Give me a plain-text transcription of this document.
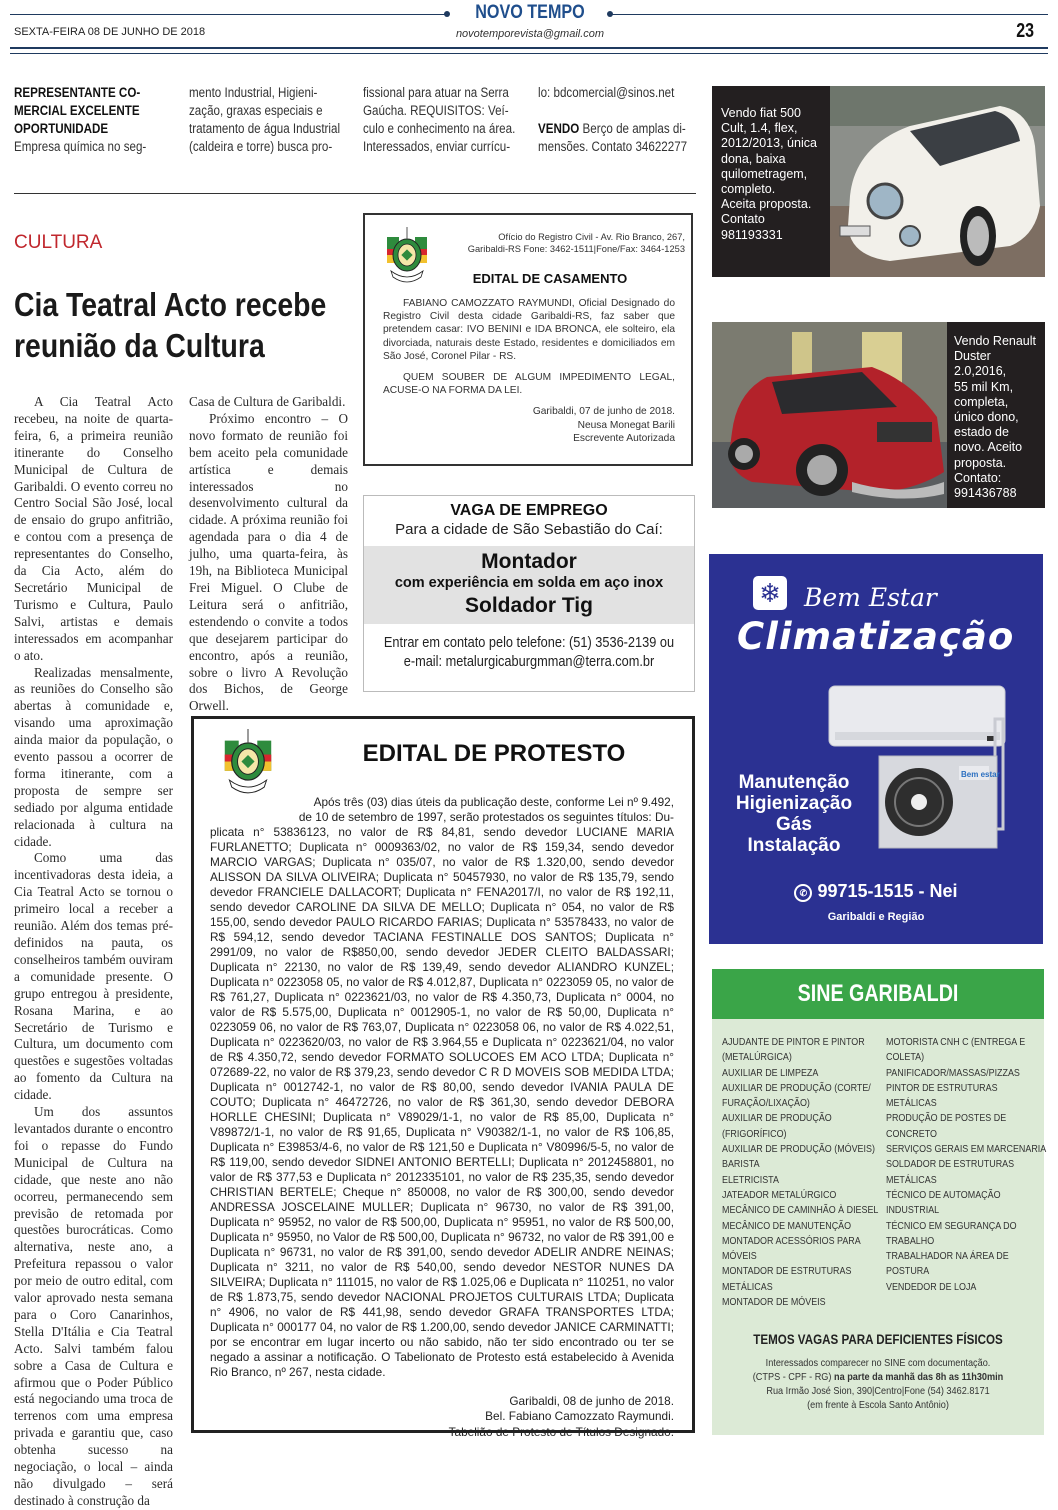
NOVO TEMPO
SEXTA-FEIRA 08 DE JUNHO DE 2018	novotemporevista@gmail.com	23

REPRESENTANTE CO-
MERCIAL EXCELENTE
OPORTUNIDADE

Empresa química no seg-

mento Industrial, Higieni-

zação, graxas especiais e

tratamento de água Industrial

(caldeira e torre) busca pro-

fissional para atuar na Serra

Gaúcha. REQUISITOS: Veí-

culo e conhecimento na área.

Interessados, enviar currícu-

lo: bdcomercial@sinos.net

VENDO Berço de amplas di-

mensões. Contato 34622277

CULTURA
Cia Teatral Acto recebe
reunião da Cultura

A Cia Teatral Acto recebeu, na noite de quarta-feira, 6, a primeira reunião itinerante do Conselho Municipal de Cultura de Garibaldi. O evento correu no Centro Social São José, local de ensaio do grupo anfitrião, e contou com a presença de representantes do Conselho, da Cia Acto, além do Secretário Municipal de Turismo e Cultura, Paulo Salvi, artistas e demais interessados em acompanhar o ato.

Realizadas mensalmente, as reuniões do Conselho são abertas à comunidade e, visando uma aproximação ainda maior da população, o evento passou a ocorrer de forma itinerante, com a proposta de sempre ser sediado por alguma entidade relacionada à cultura na cidade.

Como uma das incentivadoras desta ideia, a Cia Teatral Acto se tornou o primeiro local a receber a reunião. Além dos temas pré-definidos na pauta, os conselheiros também ouviram a comunidade presente. O grupo entregou à presidente, Rosana Marina, e ao Secretário de Turismo e Cultura, um documento com questões e sugestões voltadas ao fomento da Cultura na cidade.

Um dos assuntos levantados durante o encontro foi o repasse do Fundo Municipal de Cultura na cidade, que neste ano não ocorreu, permanecendo sem previsão de retomada por questões burocráticas. Como alternativa, neste ano, a Prefeitura repassou o valor por meio de outro edital, com valor aprovado nesta semana para o Coro Canarinhos, Stella D'Itália e Cia Teatral Acto. Salvi também falou sobre a Casa de Cultura e afirmou que o Poder Público está negociando uma troca de terrenos com uma empresa privada e garantiu que, caso obtenha sucesso na negociação, o local – ainda não divulgado – será destinado à construção da

Casa de Cultura de Garibaldi.

Próximo encontro – O novo formato de reunião foi bem aceito pela comunidade artística e demais interessados no desenvolvimento cultural da cidade. A próxima reunião foi agendada para o dia 4 de julho, uma quarta-feira, às 19h, na Biblioteca Municipal Frei Miguel. O Clube de Leitura será o anfitrião, estendendo o convite a todos que desejarem participar do encontro, após a reunião, sobre o livro A Revolução dos Bichos, de George Orwell.

Ofício do Registro Civil - Av. Rio Branco, 267,
Garibaldi-RS Fone: 3462-1511|Fone/Fax: 3464-1253
EDITAL DE CASAMENTO
FABIANO CAMOZZATO RAYMUNDI, Oficial Designado do Registro Civil desta cidade Garibaldi-RS, faz saber que pretendem casar: IVO BENINI e IDA BRONCA, ele solteiro, ela divorciada, naturais deste Estado, residentes e domiciliados em São José, Coronel Pilar - RS.
QUEM SOUBER DE ALGUM IMPEDIMENTO LEGAL, ACUSE-O NA FORMA DA LEI.
Garibaldi, 07 de junho de 2018.
Neusa Monegat Barili
Escrevente Autorizada
VAGA DE EMPREGO
Para a cidade de São Sebastião do Caí:
Montador
com experiência em solda em aço inox
Soldador Tig
Entrar em contato pelo telefone: (51) 3536-2139 ou
e-mail: metalurgicaburgmman@terra.com.br
Vendo fiat 500
Cult, 1.4, flex,
2012/2013, única
dona, baixa
quilometragem,
completo.
Aceita proposta.
Contato
981193331
Vendo Renault
Duster
2.0,2016,
55 mil Km,
completa,
único dono,
estado de
novo. Aceito
proposta.
Contato:
991436788
❄ Bem Estar
Climatização
Bem estar
Manutenção
Higienização
Gás
Instalação
✆ 99715-1515 - Nei
Garibaldi e Região
EDITAL DE PROTESTO
Após três (03) dias úteis da publicação deste, conforme Lei nº 9.492,
de 10 de setembro de 1997, serão protestados os seguintes títulos: Du-
plicata n° 53836123, no valor de R$ 84,81, sendo devedor LUCIANE MARIA FURLANETTO; Duplicata n° 0009363/02, no valor de R$ 159,34, sendo devedor MARCIO VARGAS; Duplicata n° 035/07, no valor de R$ 1.320,00, sendo devedor ALISSON DA SILVA OLIVEIRA; Duplicata n° 50457930, no valor de R$ 135,79, sendo devedor FRANCIELE DALLACORT; Duplicata n° FENA2017/I, no valor de R$ 192,11, sendo devedor CAROLINE DA SILVA DE MELLO; Duplicata n° 054, no valor de R$ 155,00, sendo devedor PAULO RICARDO FARIAS; Duplicata n° 53578433, no valor de R$ 594,12, sendo devedor TACIANA FESTINALLE DOS SANTOS; Duplicata n° 2991/09, no valor de R$850,00, sendo devedor JEDER CLEITO BALDASSARI; Duplicata n° 22130, no valor de R$ 139,49, sendo devedor ALIANDRO KUNZEL; Duplicata n° 0223058 05, no valor de R$ 4.012,87, Duplicata n° 0223059 05, no valor de R$ 761,27, Duplicata n° 0223621/03, no valor de R$ 4.350,73, Duplicata n° 0004, no valor de R$ 5.575,00, Duplicata n° 0012905-1, no valor de R$ 50,00, Duplicata n° 0223059 06, no valor de R$ 763,07, Duplicata n° 0223058 06, no valor de R$ 4.022,51, Duplicata n° 0223620/03, no valor de R$ 3.964,55 e Duplicata n° 0223621/04, no valor de R$ 4.350,72, sendo devedor FORMATO SOLUCOES EM ACO LTDA; Duplicata n° 072689-22, no valor de R$ 379,23, sendo devedor C R D MOVEIS SOB MEDIDA LTDA; Duplicata n° 0012742-1, no valor de R$ 80,00, sendo devedor IVANIA PAULA DE COUTO; Duplicata n° 46472726, no valor de R$ 361,30, sendo devedor DEBORA HORLLE CHESINI; Duplicata n° V89029/1-1, no valor de R$ 85,00, Duplicata n° V89872/1-1, no valor de R$ 91,65, Duplicata n° V90382/1-1, no valor de R$ 106,85, Duplicata n° E39853/4-6, no valor de R$ 121,50 e Duplicata n° V80996/5-5, no valor de R$ 119,00, sendo devedor SIDNEI ANTONIO BERTELLI; Duplicata n° 2012458801, no valor de R$ 377,53 e Duplicata n° 2012335101, no valor de R$ 235,35, sendo devedor CHRISTIAN BERTELE; Cheque n° 850008, no valor de R$ 300,00, sendo devedor ANDRESSA JOSCELAINE MULLER; Duplicata n° 96730, no valor de R$ 391,00, Duplicata n° 95952, no valor de R$ 500,00, Duplicata n° 95951, no valor de R$ 500,00, Duplicata n° 95950, no Valor de R$ 500,00, Duplicata n° 96732, no valor de R$ 391,00 e Duplicata n° 96731, no valor de R$ 391,00, sendo devedor ADELIR ANDRE NEINAS; Duplicata n° 3211, no valor de R$ 540,00, sendo devedor NESTOR NUNES DA SILVEIRA; Duplicata n° 111015, no valor de R$ 1.025,06 e Duplicata n° 110251, no valor de R$ 1.873,75, sendo devedor NACIONAL PROJETOS CULTURAIS LTDA; Duplicata n° 4906, no valor de R$ 441,98, sendo devedor GRAFA TRANSPORTES LTDA; Duplicata n° 000177 04, no valor de R$ 1.200,00, sendo devedor JANICE CARMINATTI; por se encontrar em lugar incerto ou não sabido, não ter sido encontrado ou ter se negado a assinar a notificação. O Tabelionato de Protesto está estabelecido à Avenida Rio Branco, nº 267, nesta cidade.
Garibaldi, 08 de junho de 2018.
Bel. Fabiano Camozzato Raymundi.
Tabelião de Protesto de Títulos Designado.
SINE GARIBALDI
AJUDANTE DE PINTOR E PINTOR
(METALÚRGICA)
AUXILIAR DE LIMPEZA
AUXILIAR DE PRODUÇÃO (CORTE/
FURAÇÃO/LIXAÇÃO)
AUXILIAR DE PRODUÇÃO
(FRIGORÍFICO)
AUXILIAR DE PRODUÇÃO (MÓVEIS)
BARISTA
ELETRICISTA
JATEADOR METALÚRGICO
MECÂNICO DE CAMINHÃO À DIESEL
MECÂNICO DE MANUTENÇÃO
MONTADOR ACESSÓRIOS PARA
MÓVEIS
MONTADOR DE ESTRUTURAS
METÁLICAS
MONTADOR DE MÓVEIS
MOTORISTA CNH C (ENTREGA E
COLETA)
PANIFICADOR/MASSAS/PIZZAS
PINTOR DE ESTRUTURAS
METÁLICAS
PRODUÇÃO DE POSTES DE
CONCRETO
SERVIÇOS GERAIS EM MARCENARIA
SOLDADOR DE ESTRUTURAS
METÁLICAS
TÉCNICO DE AUTOMAÇÃO
INDUSTRIAL
TÉCNICO EM SEGURANÇA DO
TRABALHO
TRABALHADOR NA ÁREA DE
POSTURA
VENDEDOR DE LOJA
TEMOS VAGAS PARA DEFICIENTES FÍSICOS
Interessados comparecer no SINE com documentação.
(CTPS - CPF - RG) na parte da manhã das 8h as 11h30min
Rua Irmão José Sion, 390|Centro|Fone (54) 3462.8171
(em frente à Escola Santo Antônio)
